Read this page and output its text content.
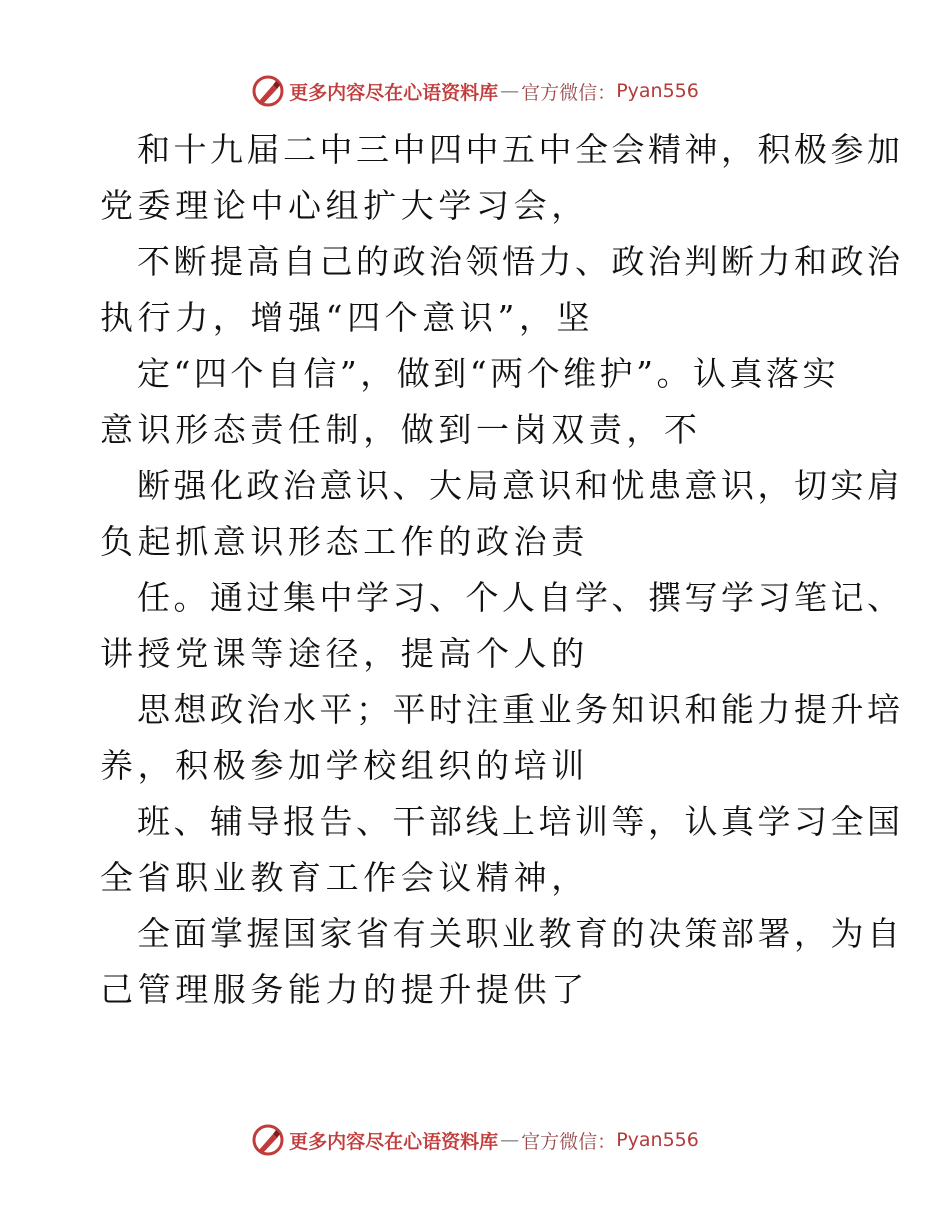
更多内容尽在心语资料库 — 官方微信： Pyan556

和十九届二中三中四中五中全会精神，积极参加
党委理论中心组扩大学习会，

不断提高自己的政治领悟力、政治判断力和政治
执行力，增强“四个意识”，坚

定“四个自信”，做到“两个维护”。认真落实
意识形态责任制，做到一岗双责，不

断强化政治意识、大局意识和忧患意识，切实肩
负起抓意识形态工作的政治责

任。通过集中学习、个人自学、撰写学习笔记、
讲授党课等途径，提高个人的

思想政治水平；平时注重业务知识和能力提升培
养，积极参加学校组织的培训

班、辅导报告、干部线上培训等，认真学习全国
全省职业教育工作会议精神，

全面掌握国家省有关职业教育的决策部署，为自
己管理服务能力的提升提供了

更多内容尽在心语资料库 — 官方微信： Pyan556
